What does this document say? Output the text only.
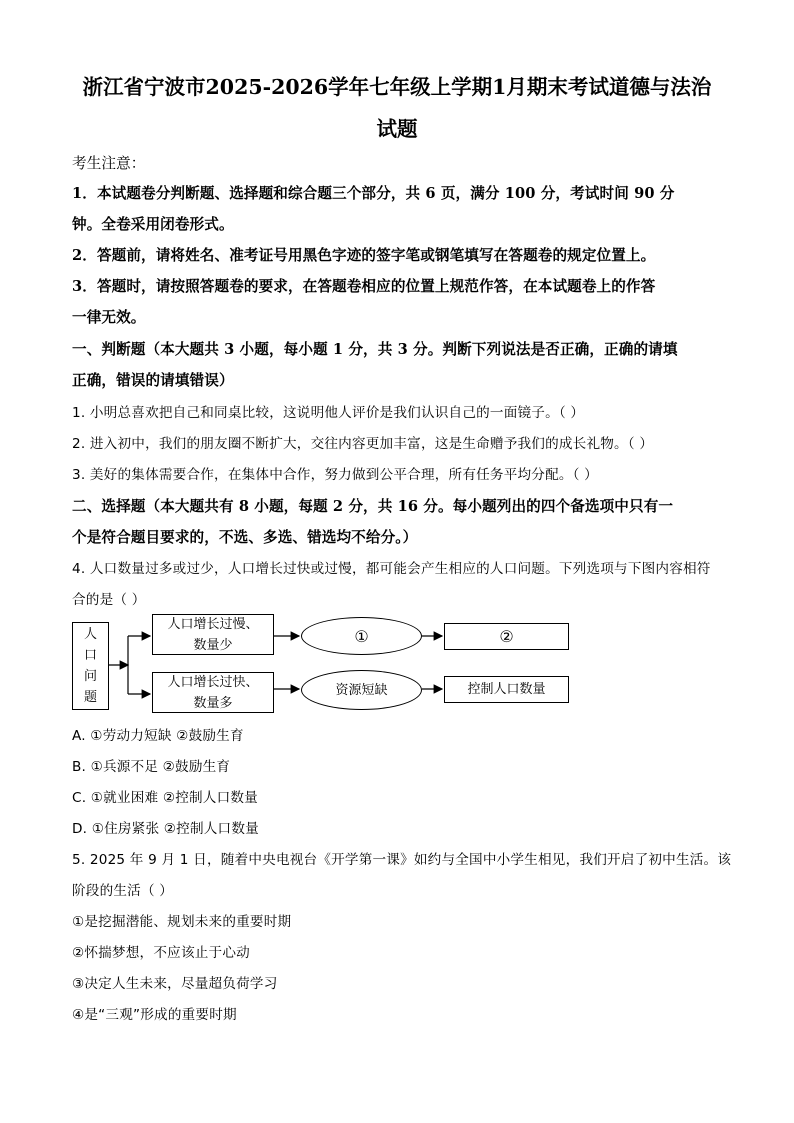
浙江省宁波市2025-2026学年七年级上学期1月期末考试道德与法治
试题
考生注意：
1．本试题卷分判断题、选择题和综合题三个部分，共 6 页，满分 100 分，考试时间 90 分
钟。全卷采用闭卷形式。
2．答题前，请将姓名、准考证号用黑色字迹的签字笔或钢笔填写在答题卷的规定位置上。
3．答题时，请按照答题卷的要求，在答题卷相应的位置上规范作答，在本试题卷上的作答
一律无效。
一、判断题（本大题共 3 小题，每小题 1 分，共 3 分。判断下列说法是否正确，正确的请填
正确，错误的请填错误）
1. 小明总喜欢把自己和同桌比较，这说明他人评价是我们认识自己的一面镜子。（ ）
2. 进入初中，我们的朋友圈不断扩大，交往内容更加丰富，这是生命赠予我们的成长礼物。（ ）
3. 美好的集体需要合作，在集体中合作，努力做到公平合理，所有任务平均分配。（ ）
二、选择题（本大题共有 8 小题，每题 2 分，共 16 分。每小题列出的四个备选项中只有一
个是符合题目要求的，不选、多选、错选均不给分。）
4. 人口数量过多或过少，人口增长过快或过慢，都可能会产生相应的人口问题。下列选项与下图内容相符
合的是（ ）
人
口
问
题
人口增长过慢、
数量少	①	②
人口增长过快、
数量多
资源短缺	控制人口数量
A. ①劳动力短缺 ②鼓励生育
B. ①兵源不足 ②鼓励生育
C. ①就业困难 ②控制人口数量
D. ①住房紧张 ②控制人口数量
5. 2025 年 9 月 1 日，随着中央电视台《开学第一课》如约与全国中小学生相见，我们开启了初中生活。该
阶段的生活（ ）
①是挖掘潜能、规划未来的重要时期
②怀揣梦想，不应该止于心动
③决定人生未来，尽量超负荷学习
④是“三观”形成的重要时期
